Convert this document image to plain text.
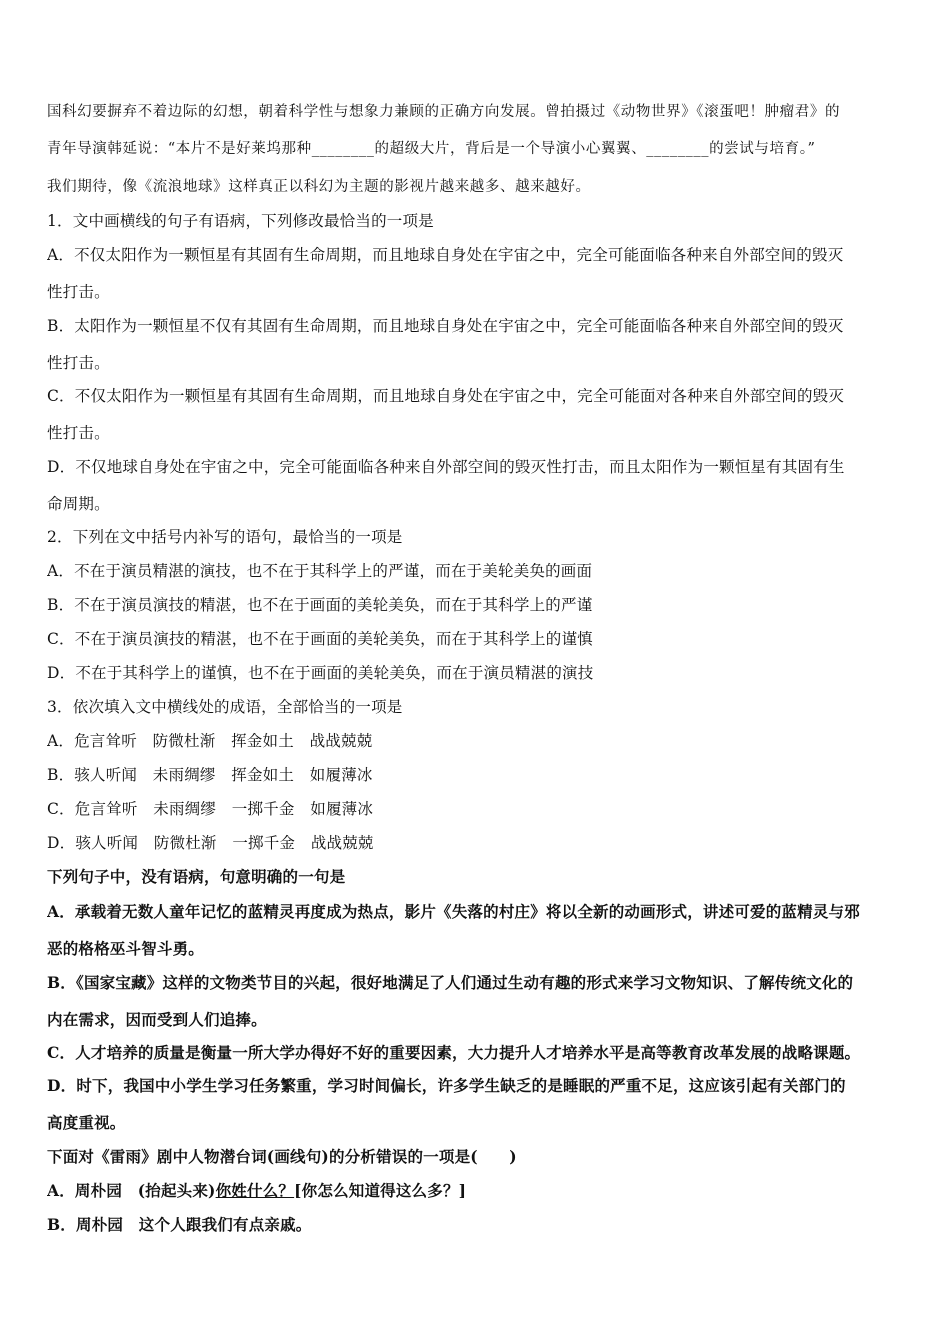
国科幻要摒弃不着边际的幻想，朝着科学性与想象力兼顾的正确方向发展。曾拍摄过《动物世界》《滚蛋吧！肿瘤君》的
青年导演韩延说：“本片不是好莱坞那种________的超级大片，背后是一个导演小心翼翼、________的尝试与培育。”
我们期待，像《流浪地球》这样真正以科幻为主题的影视片越来越多、越来越好。
1．文中画横线的句子有语病，下列修改最恰当的一项是
A．不仅太阳作为一颗恒星有其固有生命周期，而且地球自身处在宇宙之中，完全可能面临各种来自外部空间的毁灭
性打击。
B．太阳作为一颗恒星不仅有其固有生命周期，而且地球自身处在宇宙之中，完全可能面临各种来自外部空间的毁灭
性打击。
C．不仅太阳作为一颗恒星有其固有生命周期，而且地球自身处在宇宙之中，完全可能面对各种来自外部空间的毁灭
性打击。
D．不仅地球自身处在宇宙之中，完全可能面临各种来自外部空间的毁灭性打击，而且太阳作为一颗恒星有其固有生
命周期。
2．下列在文中括号内补写的语句，最恰当的一项是
A．不在于演员精湛的演技，也不在于其科学上的严谨，而在于美轮美奂的画面
B．不在于演员演技的精湛，也不在于画面的美轮美奂，而在于其科学上的严谨
C．不在于演员演技的精湛，也不在于画面的美轮美奂，而在于其科学上的谨慎
D．不在于其科学上的谨慎，也不在于画面的美轮美奂，而在于演员精湛的演技
3．依次填入文中横线处的成语，全部恰当的一项是
A．危言耸听　防微杜渐　挥金如土　战战兢兢
B．骇人听闻　未雨绸缪　挥金如土　如履薄冰
C．危言耸听　未雨绸缪　一掷千金　如履薄冰
D．骇人听闻　防微杜渐　一掷千金　战战兢兢
下列句子中，没有语病，句意明确的一句是
A．承载着无数人童年记忆的蓝精灵再度成为热点，影片《失落的村庄》将以全新的动画形式，讲述可爱的蓝精灵与邪
恶的格格巫斗智斗勇。
B．《国家宝藏》这样的文物类节目的兴起，很好地满足了人们通过生动有趣的形式来学习文物知识、了解传统文化的
内在需求，因而受到人们追捧。
C．人才培养的质量是衡量一所大学办得好不好的重要因素，大力提升人才培养水平是高等教育改革发展的战略课题。
D．时下，我国中小学生学习任务繁重，学习时间偏长，许多学生缺乏的是睡眠的严重不足，这应该引起有关部门的
高度重视。
下面对《雷雨》剧中人物潜台词(画线句)的分析错误的一项是(　　)
A．周朴园　(抬起头来)你姓什么？[你怎么知道得这么多？]
B．周朴园　这个人跟我们有点亲戚。
